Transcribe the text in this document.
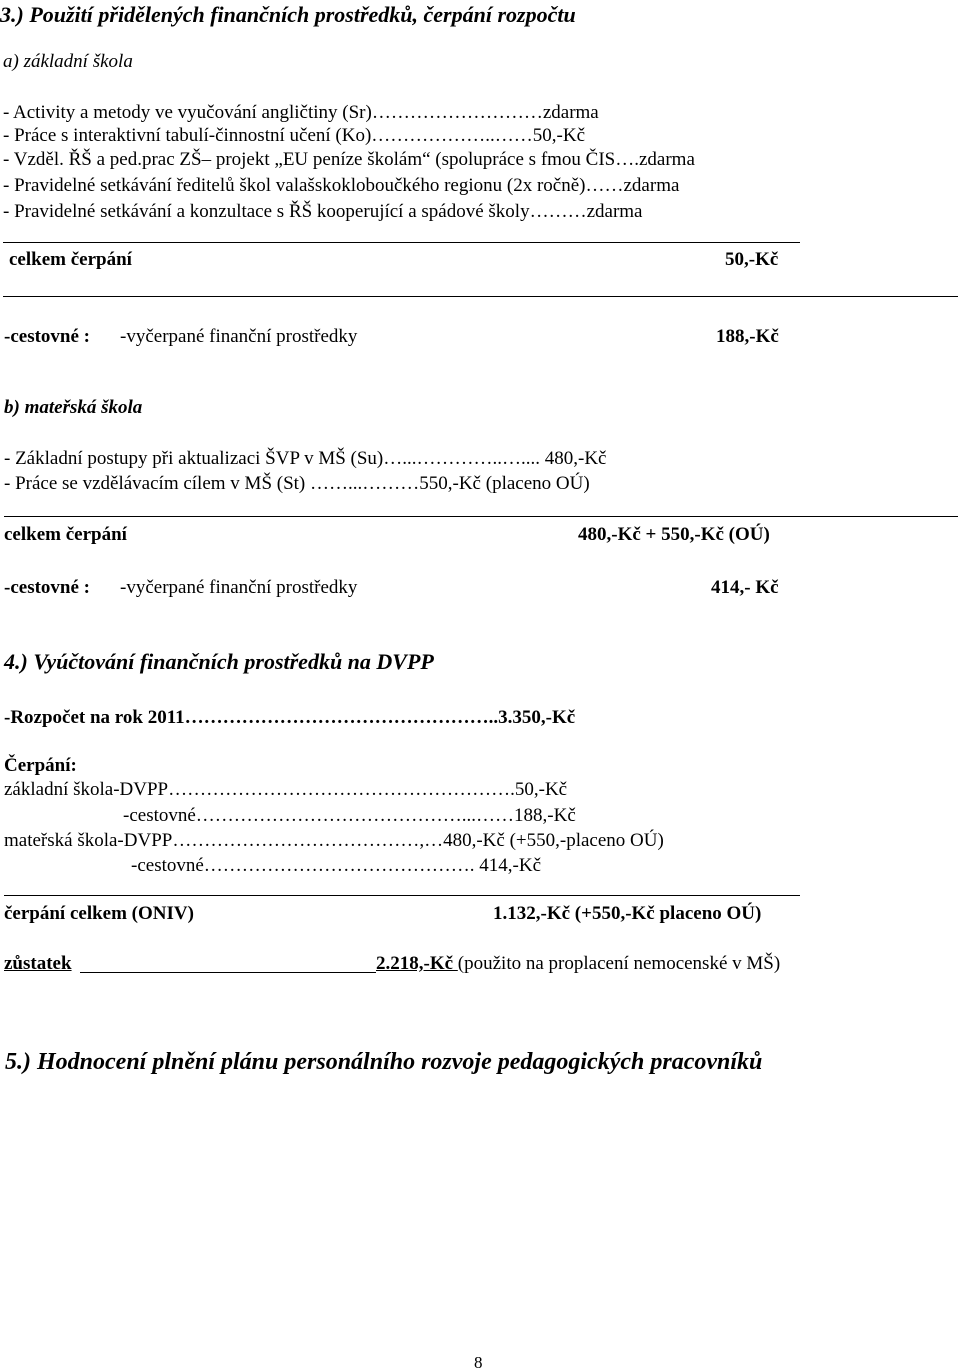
3.) Použití přidělených finančních prostředků, čerpání rozpočtu
a) základní škola
- Activity a metody ve vyučování angličtiny (Sr)………………………zdarma
- Práce s interaktivní tabulí-činnostní učení (Ko)………………..……50,-Kč
- Vzděl. ŘŠ a ped.prac ZŠ– projekt „EU peníze školám“ (spolupráce s fmou ČIS….zdarma
- Pravidelné setkávání ředitelů škol valašskokloboučkého regionu (2x ročně)……zdarma
- Pravidelné setkávání a konzultace s ŘŠ kooperující a spádové školy………zdarma
celkem čerpání	50,-Kč
-cestovné : -vyčerpané finanční prostředky	188,-Kč
b) mateřská škola
- Základní postupy při aktualizaci ŠVP v MŠ (Su)…...…………..….... 480,-Kč
- Práce se vzdělávacím cílem v MŠ (St) ……...………550,-Kč (placeno OÚ)
celkem čerpání	480,-Kč + 550,-Kč (OÚ)
-cestovné : -vyčerpané finanční prostředky	414,- Kč
4.) Vyúčtování finančních prostředků na DVPP
-Rozpočet na rok 2011…………………………………………..3.350,-Kč
Čerpání:
základní škola-DVPP……………………………………………….50,-Kč
-cestovné……………………………………...……188,-Kč
mateřská škola-DVPP…………………………………,…480,-Kč (+550,-placeno OÚ)
-cestovné……………………………………. 414,-Kč
čerpání celkem (ONIV)	1.132,-Kč (+550,-Kč placeno OÚ)
zůstatek	2.218,-Kč (použito na proplacení nemocenské v MŠ)
5.) Hodnocení plnění plánu personálního rozvoje pedagogických pracovníků
8
